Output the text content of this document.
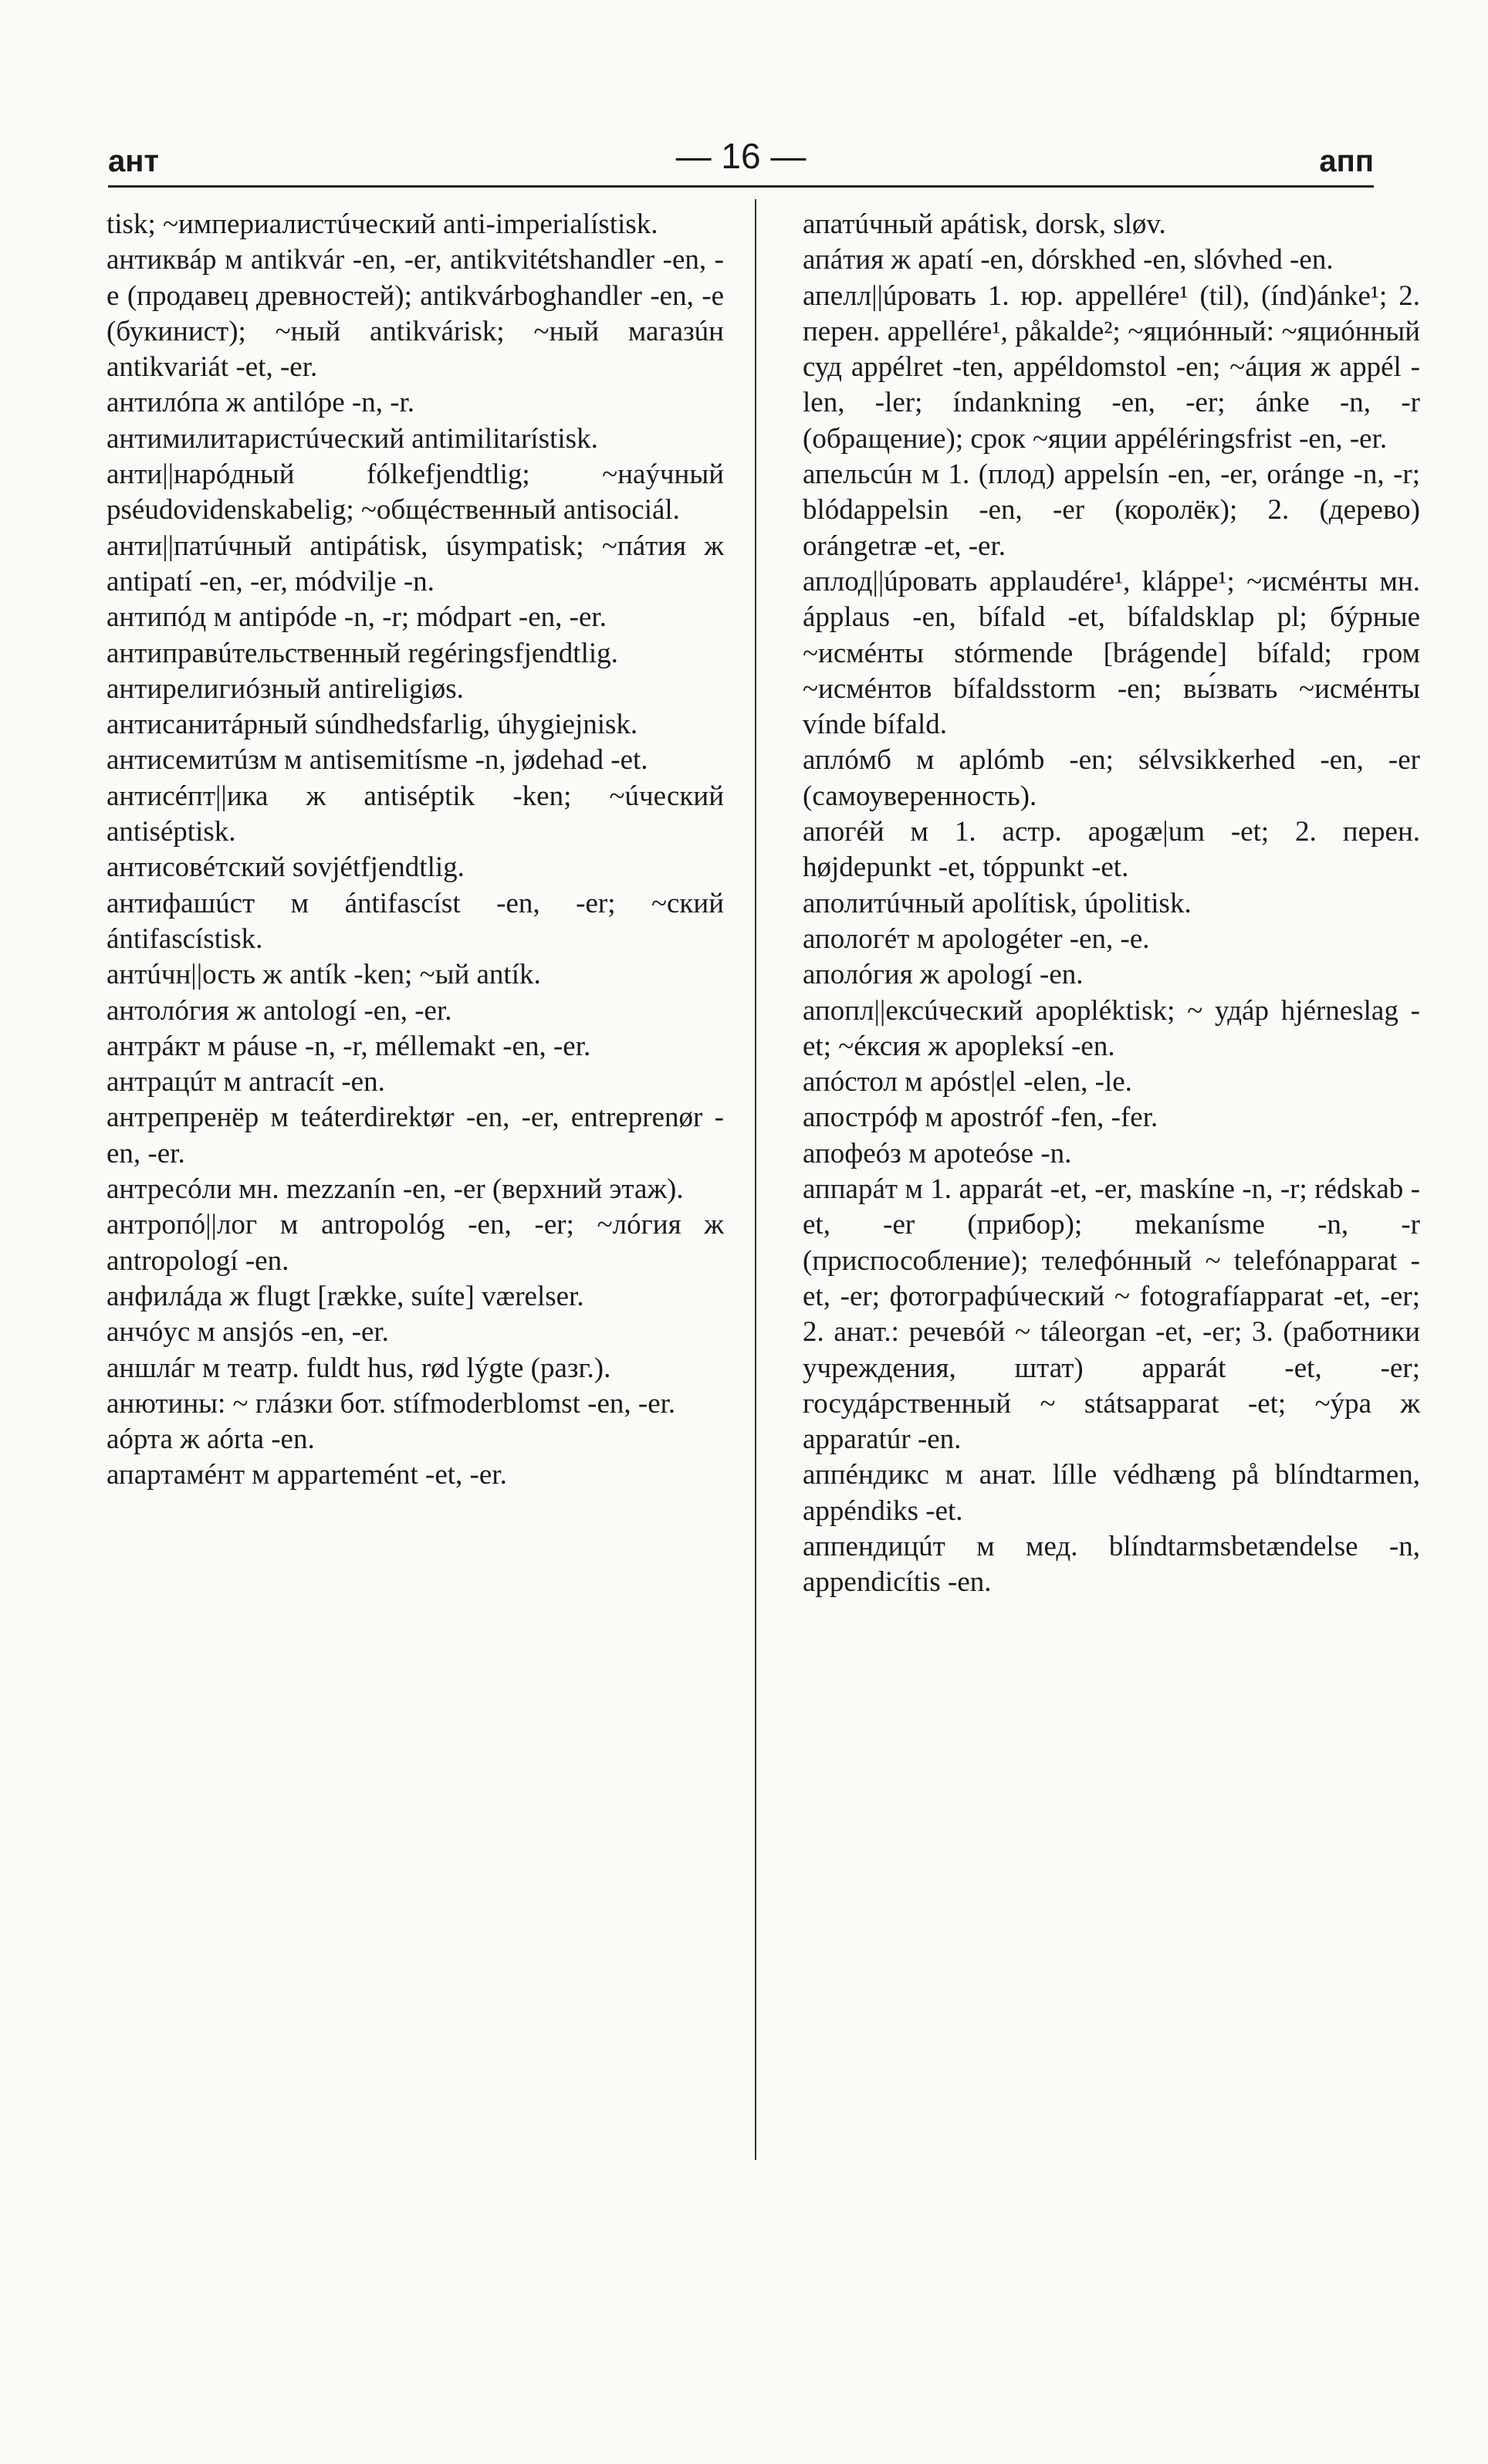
ант	— 16 —	апп

tisk; ~империалистúческий anti-imperialístisk.

антиквáр м antikvár -en, -er, antikvitétshandler -en, -e (продавец древностей); antikvárboghandler -en, -e (букинист); ~ный antikvárisk; ~ный магазúн antikvariát -et, -er.

антилóпа ж antilópe -n, -r.

антимилитаристúческий antimilitarístisk.

анти||нарóдный fólkefjendtlig; ~наýчный pséudovidenskabelig; ~общéственный antisociál.

анти||патúчный antipátisk, úsympatisk; ~пáтия ж antipatí -en, -er, módvilje -n.

антипóд м antipóde -n, -r; módpart -en, -er.

антиправúтельственный regéringsfjendtlig.

антирелигиóзный antireligiøs.

антисанитáрный súndhedsfarlig, úhygiejnisk.

антисемитúзм м antisemitísme -n, jødehad -et.

антисéпт||ика ж antiséptik -ken; ~úческий antiséptisk.

антисовéтский sovjétfjendtlig.

антифашúст м ántifascíst -en, -er; ~ский ántifascístisk.

антúчн||ость ж antík -ken; ~ый antík.

антолóгия ж antologí -en, -er.

антрáкт м páuse -n, -r, méllemakt -en, -er.

антрацúт м antracít -en.

антрепренёр м teáterdirektør -en, -er, entreprenør -en, -er.

антресóли мн. mezzanín -en, -er (верхний этаж).

антропó||лог м antropológ -en, -er; ~лóгия ж antropologí -en.

анфилáда ж flugt [række, suíte] værelser.

анчóус м ansjós -en, -er.

аншлáг м театр. fuldt hus, rød lýgte (разг.).

анютины: ~ глáзки бот. stífmoderblomst -en, -er.

аóрта ж aórta -en.

апартамéнт м appartemént -et, -er.

апатúчный apátisk, dorsk, sløv.

апáтия ж apatí -en, dórskhed -en, slóvhed -en.

апелл||úровать 1. юр. appellére¹ (til), (índ)ánke¹; 2. перен. appellére¹, påkalde²; ~яциóнный: ~яциóнный суд appélret -ten, appéldomstol -en; ~áция ж appél -len, -ler; índankning -en, -er; ánke -n, -r (обращение); срок ~яции appéléringsfrist -en, -er.

апельсúн м 1. (плод) appelsín -en, -er, oránge -n, -r; blódappelsin -en, -er (королёк); 2. (дерево) orángetræ -et, -er.

аплод||úровать applaudére¹, kláppe¹; ~исмéнты мн. ápplaus -en, bífald -et, bífaldsklap pl; бýрные ~исмéнты stórmende [brágende] bífald; гром ~исмéнтов bífaldsstorm -en; вы́звать ~исмéнты víndе bífald.

аплóмб м aplómb -en; sélvsikkerhed -en, -er (самоуверенность).

апогéй м 1. астр. apogæ|um -et; 2. перен. højdepunkt -et, tóppunkt -et.

аполитúчный apolítisk, úpolitisk.

апологéт м apologéter -en, -e.

аполóгия ж apologí -en.

апопл||ексúческий apopléktisk; ~ удáр hjérneslag -et; ~éксия ж apopleksí -en.

апóстол м apóst|el -elen, -le.

апострóф м apostróf -fen, -fer.

апофеóз м apoteóse -n.

аппарáт м 1. apparát -et, -er, maskíne -n, -r; rédskab -et, -er (прибор); mekanísme -n, -r (приспособление); телефóнный ~ telefónapparat -et, -er; фотографúческий ~ fotografíapparat -et, -er; 2. анат.: речевóй ~ táleorgan -et, -er; 3. (работники учреждения, штат) apparát -et, -er; госудáрственный ~ státsapparat -et; ~ýра ж apparatúr -en.

аппéндикс м анат. lílle védhæng på blíndtarmen, appéndiks -et.

аппендицúт м мед. blíndtarmsbetændelse -n, appendicítis -en.
